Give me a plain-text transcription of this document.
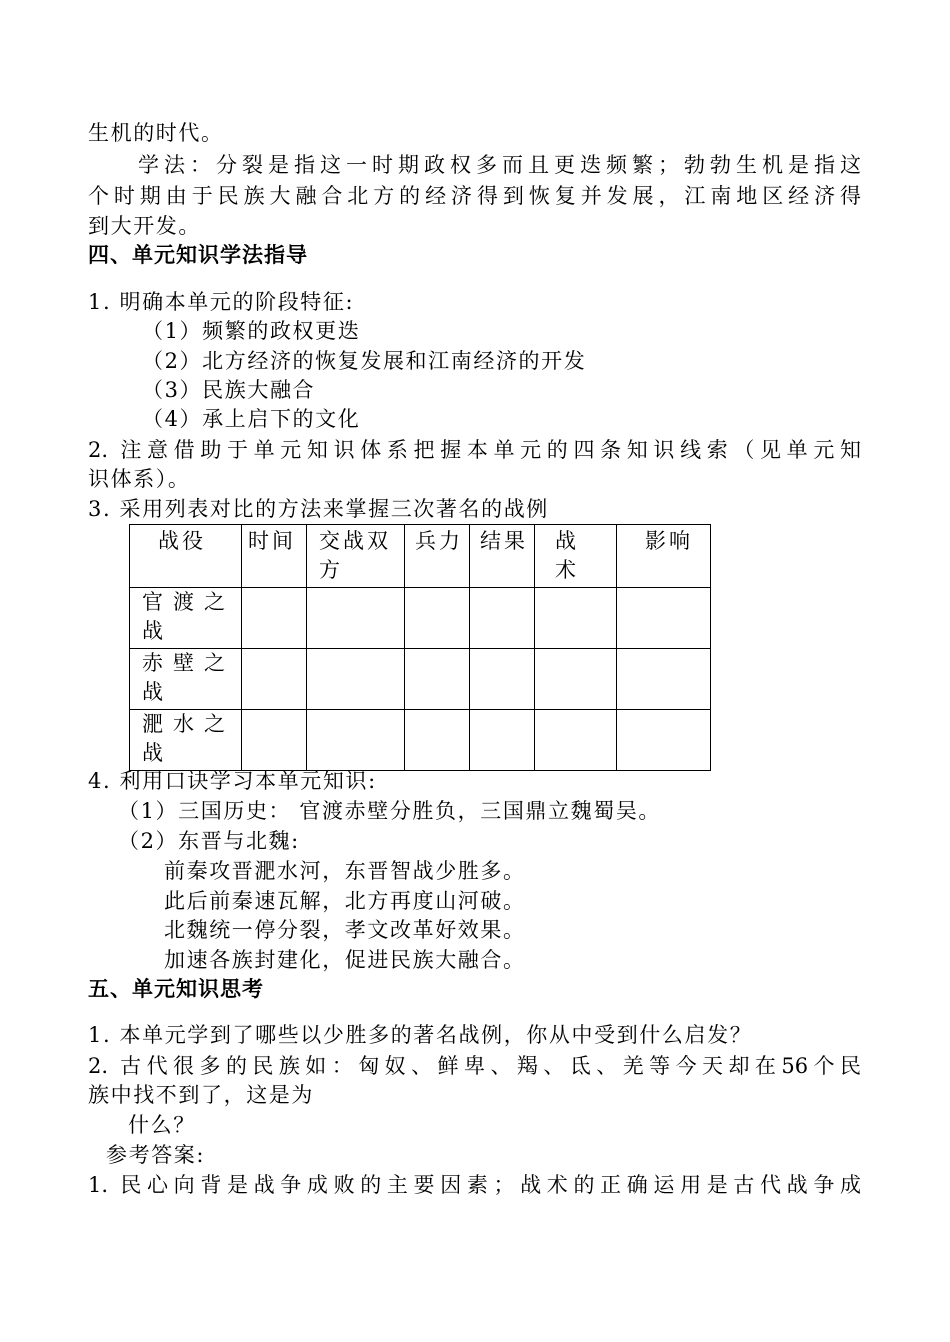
生机的时代。
学法：分裂是指这一时期政权多而且更迭频繁；勃勃生机是指这
个时期由于民族大融合北方的经济得到恢复并发展，江南地区经济得
到大开发。
四、单元知识学法指导
1. 明确本单元的阶段特征:
（1）频繁的政权更迭
（2）北方经济的恢复发展和江南经济的开发
（3）民族大融合
（4）承上启下的文化
2. 注意借助于单元知识体系把握本单元的四条知识线索（见单元知
识体系）。
3. 采用列表对比的方法来掌握三次著名的战例
战役	时间	交战双方	兵力	结果	战术	影响
官渡之战						
赤壁之战						
淝水之战						
4. 利用口诀学习本单元知识:
（1）三国历史： 官渡赤壁分胜负，三国鼎立魏蜀吴。
（2）东晋与北魏:
前秦攻晋淝水河，东晋智战少胜多。
此后前秦速瓦解，北方再度山河破。
北魏统一停分裂，孝文改革好效果。
加速各族封建化，促进民族大融合。
五、单元知识思考
1. 本单元学到了哪些以少胜多的著名战例，你从中受到什么启发？
2. 古代很多的民族如：匈奴、鲜卑、羯、氐、羌等今天却在56个民
族中找不到了，这是为
什么？
参考答案:
1. 民心向背是战争成败的主要因素；战术的正确运用是古代战争成
